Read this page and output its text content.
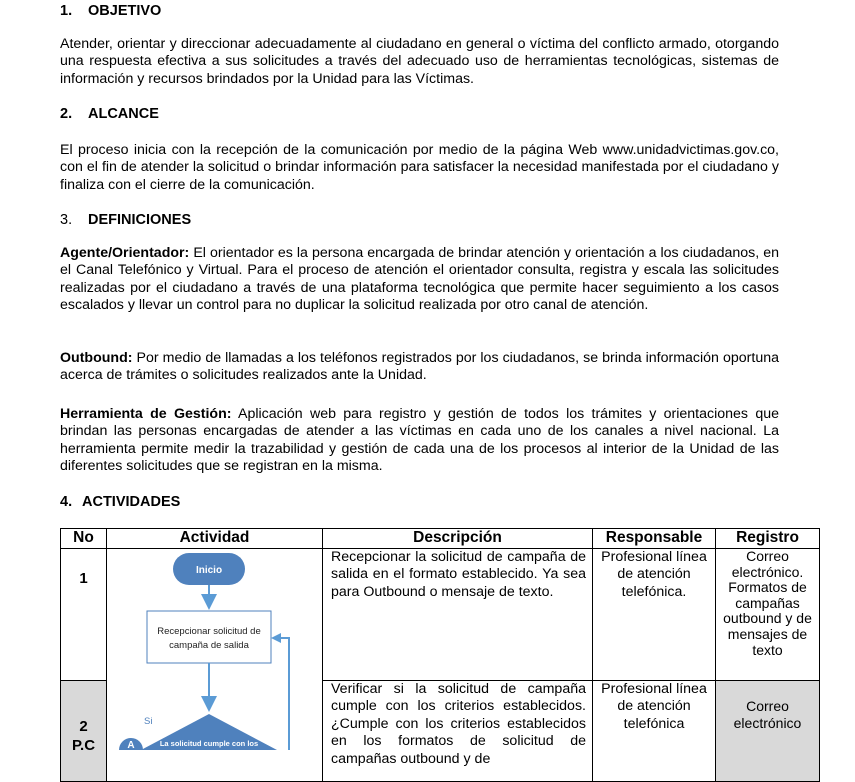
1. OBJETIVO

Atender, orientar y direccionar adecuadamente al ciudadano en general o víctima del conflicto armado, otorgando una respuesta efectiva a sus solicitudes a través del adecuado uso de herramientas tecnológicas, sistemas de información y recursos brindados por la Unidad para las Víctimas.

2. ALCANCE

El proceso inicia con la recepción de la comunicación por medio de la página Web www.unidadvictimas.gov.co, con el fin de atender la solicitud o brindar información para satisfacer la necesidad manifestada por el ciudadano y finaliza con el cierre de la comunicación.

3. DEFINICIONES

Agente/Orientador: El orientador es la persona encargada de brindar atención y orientación a los ciudadanos, en el Canal Telefónico y Virtual. Para el proceso de atención el orientador consulta, registra y escala las solicitudes realizadas por el ciudadano a través de una plataforma tecnológica que permite hacer seguimiento a los casos escalados y llevar un control para no duplicar la solicitud realizada por otro canal de atención.

Outbound: Por medio de llamadas a los teléfonos registrados por los ciudadanos, se brinda información oportuna acerca de trámites o solicitudes realizados ante la Unidad.

Herramienta de Gestión: Aplicación web para registro y gestión de todos los trámites y orientaciones que brindan las personas encargadas de atender a las víctimas en cada uno de los canales a nivel nacional. La herramienta permite medir la trazabilidad y gestión de cada una de los procesos al interior de la Unidad de las diferentes solicitudes que se registran en la misma.

4. ACTIVIDADES
No	Actividad	Descripción	Responsable	Registro

1		Recepcionar la solicitud de campaña de salida en el formato establecido. Ya sea para Outbound o mensaje de texto.	Profesional línea de atención telefónica.	Correo electrónico. Formatos de campañas outbound y de mensajes de texto

2
P.C		Verificar si la solicitud de campaña cumple con los criterios establecidos. ¿Cumple con los criterios establecidos en los formatos de solicitud de campañas outbound y de	Profesional línea de atención telefónica	Correo electrónico
Inicio
Recepcionar solicitud de
campaña de salida
La solicitud cumple con los
Si
A
